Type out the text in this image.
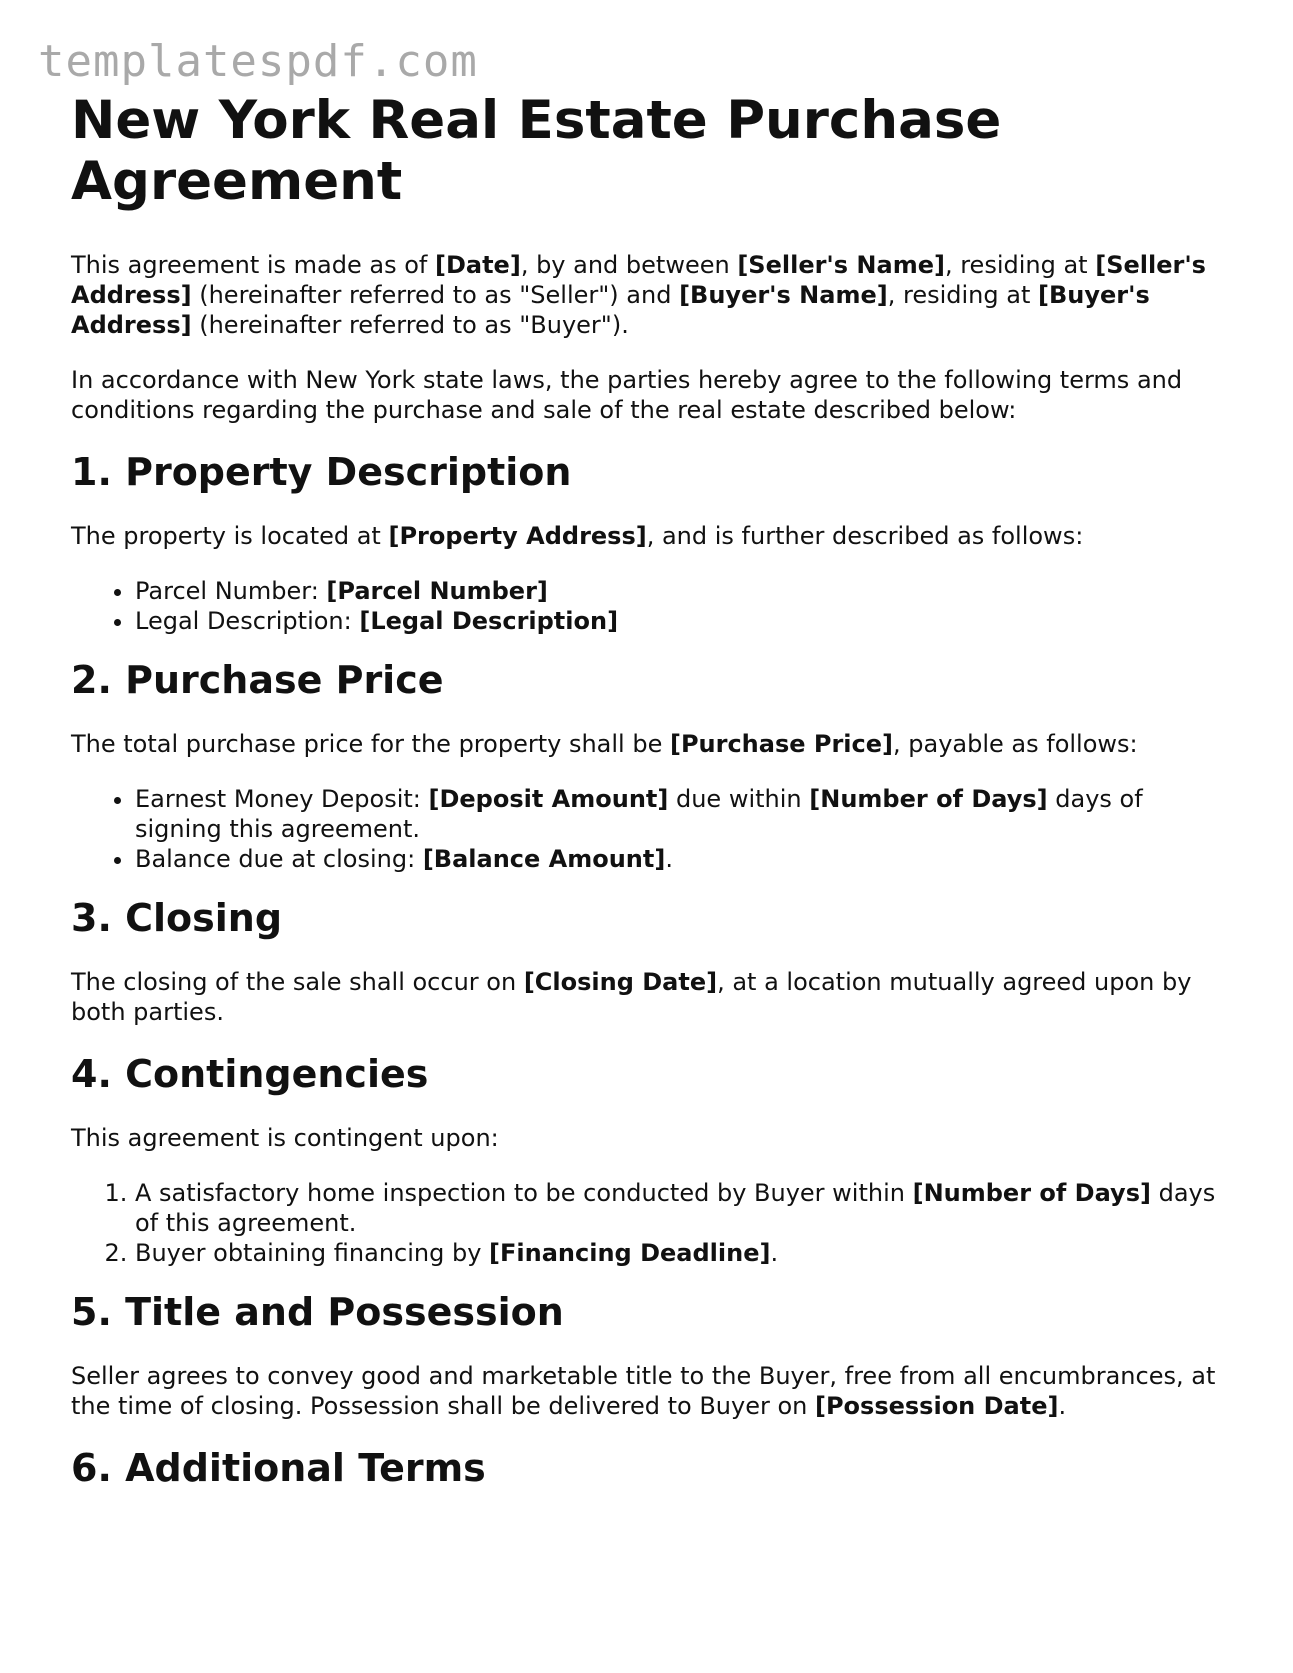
templatespdf.com
New York Real Estate Purchase Agreement

This agreement is made as of [Date], by and between [Seller's Name], residing at [Seller's Address] (hereinafter referred to as "Seller") and [Buyer's Name], residing at [Buyer's Address] (hereinafter referred to as "Buyer").

In accordance with New York state laws, the parties hereby agree to the following terms and conditions regarding the purchase and sale of the real estate described below:

1. Property Description

The property is located at [Property Address], and is further described as follows:

• Parcel Number: [Parcel Number]
• Legal Description: [Legal Description]
2. Purchase Price

The total purchase price for the property shall be [Purchase Price], payable as follows:

• Earnest Money Deposit: [Deposit Amount] due within [Number of Days] days of signing this agreement.
• Balance due at closing: [Balance Amount].
3. Closing

The closing of the sale shall occur on [Closing Date], at a location mutually agreed upon by both parties.

4. Contingencies

This agreement is contingent upon:

1. A satisfactory home inspection to be conducted by Buyer within [Number of Days] days of this agreement.
2. Buyer obtaining financing by [Financing Deadline].
5. Title and Possession

Seller agrees to convey good and marketable title to the Buyer, free from all encumbrances, at the time of closing. Possession shall be delivered to Buyer on [Possession Date].

6. Additional Terms
